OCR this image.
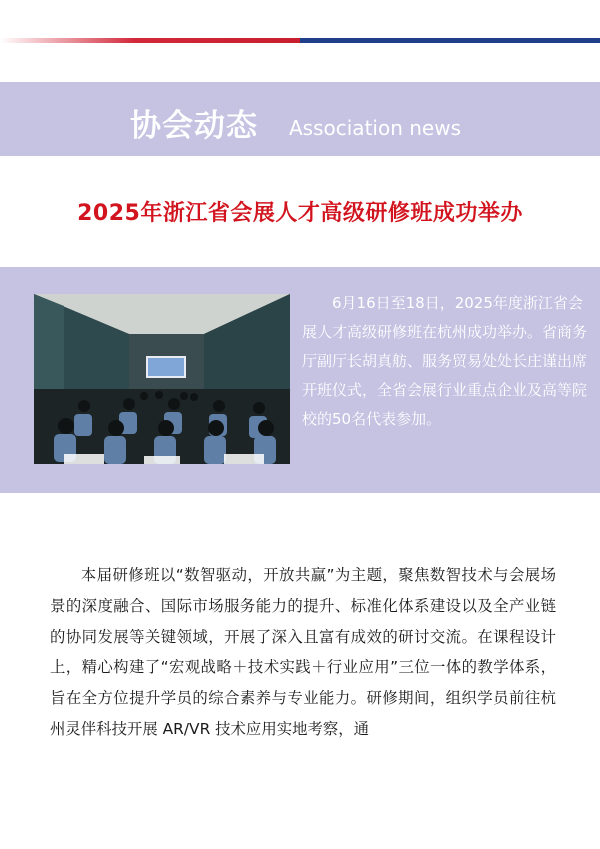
协会动态 Association news
2025年浙江省会展人才高级研修班成功举办

6月16日至18日，2025年度浙江省会展人才高级研修班在杭州成功举办。省商务厅副厅长胡真舫、服务贸易处处长庄谨出席开班仪式，全省会展行业重点企业及高等院校的50名代表参加。

本届研修班以“数智驱动，开放共赢”为主题，聚焦数智技术与会展场景的深度融合、国际市场服务能力的提升、标准化体系建设以及全产业链的协同发展等关键领域，开展了深入且富有成效的研讨交流。在课程设计上，精心构建了“宏观战略＋技术实践＋行业应用”三位一体的教学体系，旨在全方位提升学员的综合素养与专业能力。研修期间，组织学员前往杭州灵伴科技开展 AR/VR 技术应用实地考察，通
